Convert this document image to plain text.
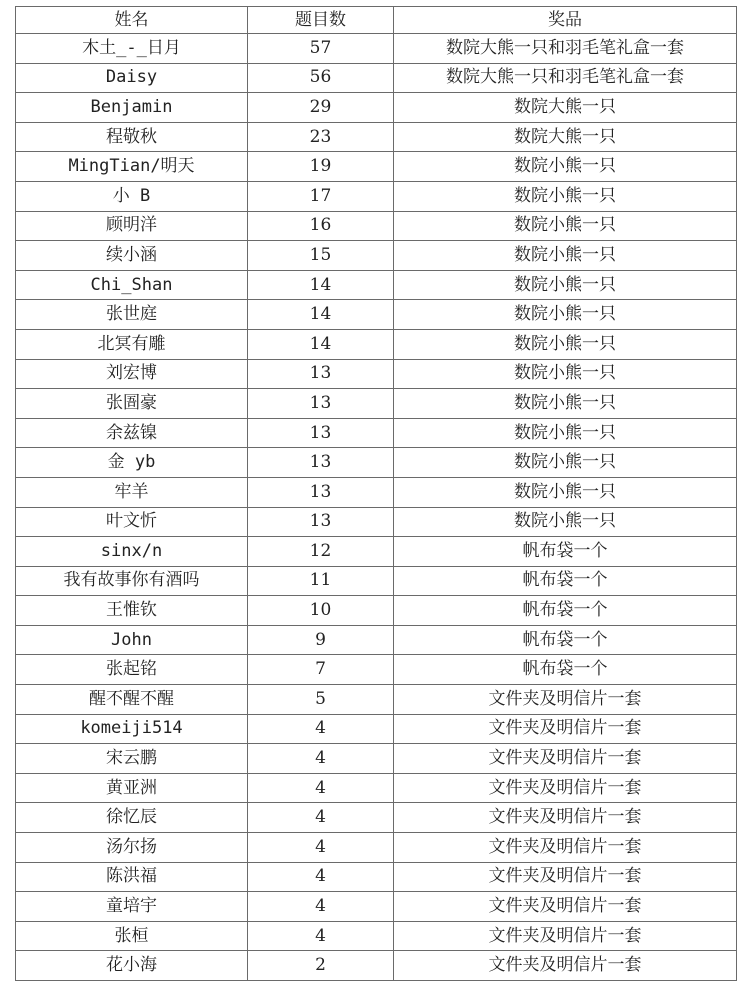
姓名	题目数	奖品
木土_-_日月	57	数院大熊一只和羽毛笔礼盒一套
Daisy	56	数院大熊一只和羽毛笔礼盒一套
Benjamin	29	数院大熊一只
程敬秋	23	数院大熊一只
MingTian/明天	19	数院小熊一只
小 B	17	数院小熊一只
顾明洋	16	数院小熊一只
续小涵	15	数院小熊一只
Chi_Shan	14	数院小熊一只
张世庭	14	数院小熊一只
北冥有雕	14	数院小熊一只
刘宏博	13	数院小熊一只
张圄豪	13	数院小熊一只
余兹镍	13	数院小熊一只
金 yb	13	数院小熊一只
牢羊	13	数院小熊一只
叶文忻	13	数院小熊一只
sinx/n	12	帆布袋一个
我有故事你有酒吗	11	帆布袋一个
王惟钦	10	帆布袋一个
John	9	帆布袋一个
张起铭	7	帆布袋一个
醒不醒不醒	5	文件夹及明信片一套
komeiji514	4	文件夹及明信片一套
宋云鹏	4	文件夹及明信片一套
黄亚洲	4	文件夹及明信片一套
徐忆辰	4	文件夹及明信片一套
汤尔扬	4	文件夹及明信片一套
陈洪福	4	文件夹及明信片一套
童培宇	4	文件夹及明信片一套
张桓	4	文件夹及明信片一套
花小海	2	文件夹及明信片一套
